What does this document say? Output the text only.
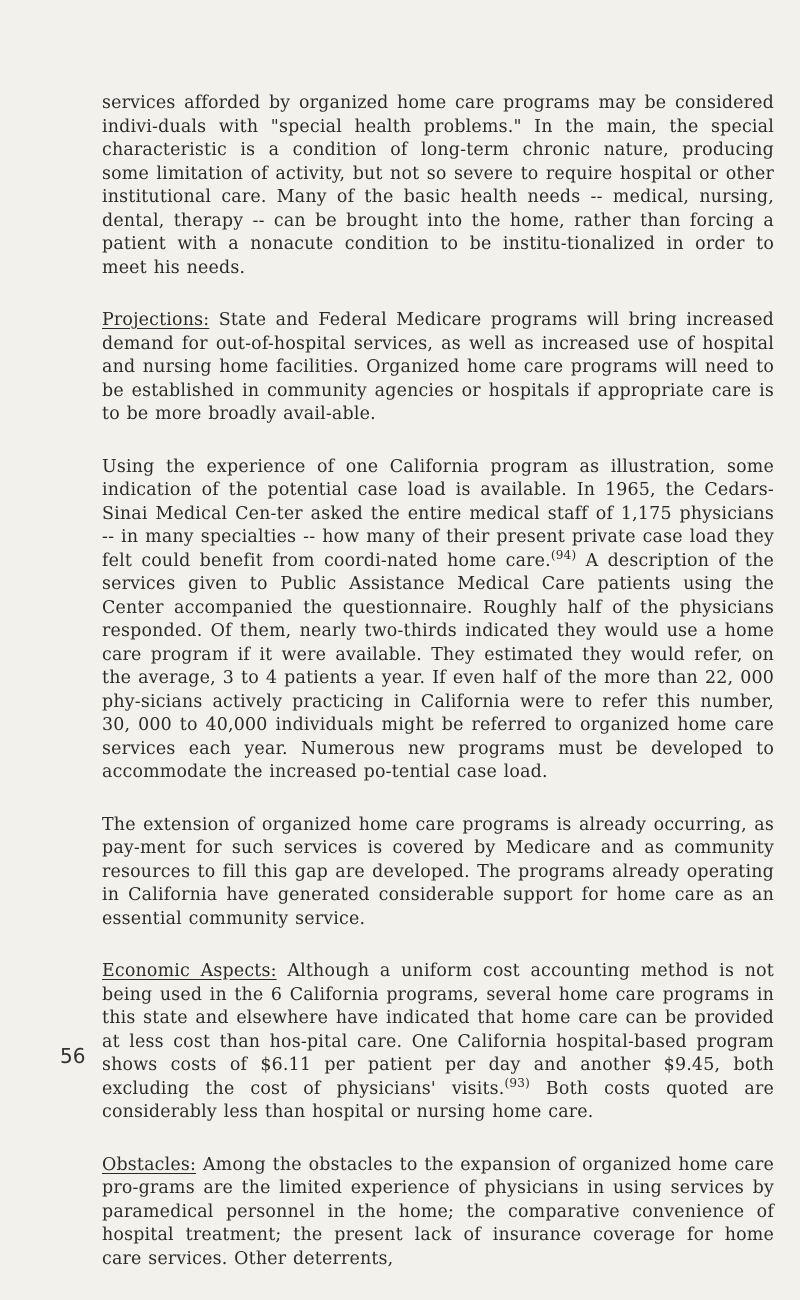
services afforded by organized home care programs may be considered indivi-duals with "special health problems." In the main, the special characteristic is a condition of long-term chronic nature, producing some limitation of activity, but not so severe to require hospital or other institutional care. Many of the basic health needs -- medical, nursing, dental, therapy -- can be brought into the home, rather than forcing a patient with a nonacute condition to be institu-tionalized in order to meet his needs.

Projections: State and Federal Medicare programs will bring increased demand for out-of-hospital services, as well as increased use of hospital and nursing home facilities. Organized home care programs will need to be established in community agencies or hospitals if appropriate care is to be more broadly avail-able.

Using the experience of one California program as illustration, some indication of the potential case load is available. In 1965, the Cedars-Sinai Medical Cen-ter asked the entire medical staff of 1,175 physicians -- in many specialties -- how many of their present private case load they felt could benefit from coordi-nated home care.$^{(94)}$ A description of the services given to Public Assistance Medical Care patients using the Center accompanied the questionnaire. Roughly half of the physicians responded. Of them, nearly two-thirds indicated they would use a home care program if it were available. They estimated they would refer, on the average, 3 to 4 patients a year. If even half of the more than 22, 000 phy-sicians actively practicing in California were to refer this number, 30, 000 to 40,000 individuals might be referred to organized home care services each year. Numerous new programs must be developed to accommodate the increased po-tential case load.

The extension of organized home care programs is already occurring, as pay-ment for such services is covered by Medicare and as community resources to fill this gap are developed. The programs already operating in California have generated considerable support for home care as an essential community service.

Economic Aspects: Although a uniform cost accounting method is not being used in the 6 California programs, several home care programs in this state and elsewhere have indicated that home care can be provided at less cost than hos-pital care. One California hospital-based program shows costs of $6.11 per patient per day and another $9.45, both excluding the cost of physicians' visits.$^{(93)}$ Both costs quoted are considerably less than hospital or nursing home care.

Obstacles: Among the obstacles to the expansion of organized home care pro-grams are the limited experience of physicians in using services by paramedical personnel in the home; the comparative convenience of hospital treatment; the present lack of insurance coverage for home care services. Other deterrents,

56
